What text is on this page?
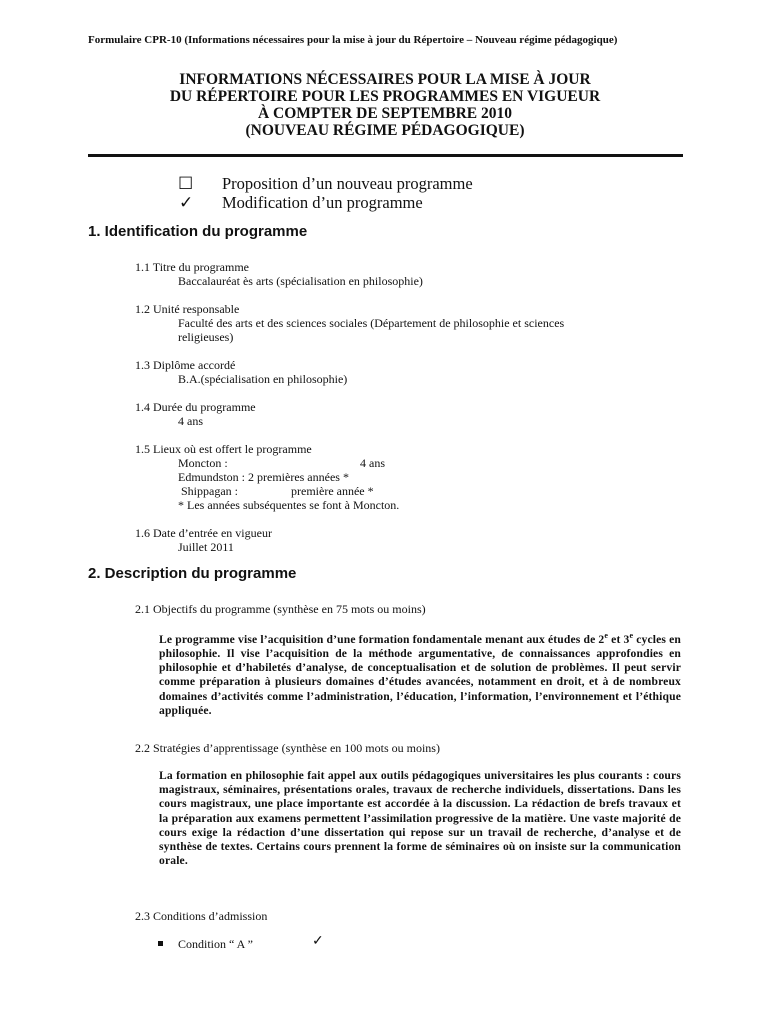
Formulaire CPR-10 (Informations nécessaires pour la mise à jour du Répertoire – Nouveau régime pédagogique)
INFORMATIONS NÉCESSAIRES POUR LA MISE À JOUR
DU RÉPERTOIRE POUR LES PROGRAMMES EN VIGUEUR
À COMPTER DE SEPTEMBRE 2010
(NOUVEAU RÉGIME PÉDAGOGIQUE)
☐ Proposition d’un nouveau programme
✓ Modification d’un programme
1. Identification du programme
1.1 Titre du programme
Baccalauréat ès arts (spécialisation en philosophie)
1.2 Unité responsable
Faculté des arts et des sciences sociales (Département de philosophie et sciences
religieuses)
1.3 Diplôme accordé
B.A.(spécialisation en philosophie)
1.4 Durée du programme
4 ans
1.5 Lieux où est offert le programme
Moncton :	4 ans
Edmundston : 2 premières années *
Shippagan :	première année *
* Les années subséquentes se font à Moncton.
1.6 Date d’entrée en vigueur
Juillet 2011
2. Description du programme
2.1 Objectifs du programme (synthèse en 75 mots ou moins)
Le programme vise l’acquisition d’une formation fondamentale menant aux études de 2e et 3e cycles en philosophie. Il vise l’acquisition de la méthode argumentative, de connaissances approfondies en philosophie et d’habiletés d’analyse, de conceptualisation et de solution de problèmes. Il peut servir comme préparation à plusieurs domaines d’études avancées, notamment en droit, et à de nombreux domaines d’activités comme l’administration, l’éducation, l’information, l’environnement et l’éthique appliquée.
2.2 Stratégies d’apprentissage (synthèse en 100 mots ou moins)
La formation en philosophie fait appel aux outils pédagogiques universitaires les plus courants : cours magistraux, séminaires, présentations orales, travaux de recherche individuels, dissertations. Dans les cours magistraux, une place importante est accordée à la discussion. La rédaction de brefs travaux et la préparation aux examens permettent l’assimilation progressive de la matière. Une vaste majorité de cours exige la rédaction d’une dissertation qui repose sur un travail de recherche, d’analyse et de synthèse de textes. Certains cours prennent la forme de séminaires où on insiste sur la communication orale.
2.3 Conditions d’admission
Condition “ A ”	✓
